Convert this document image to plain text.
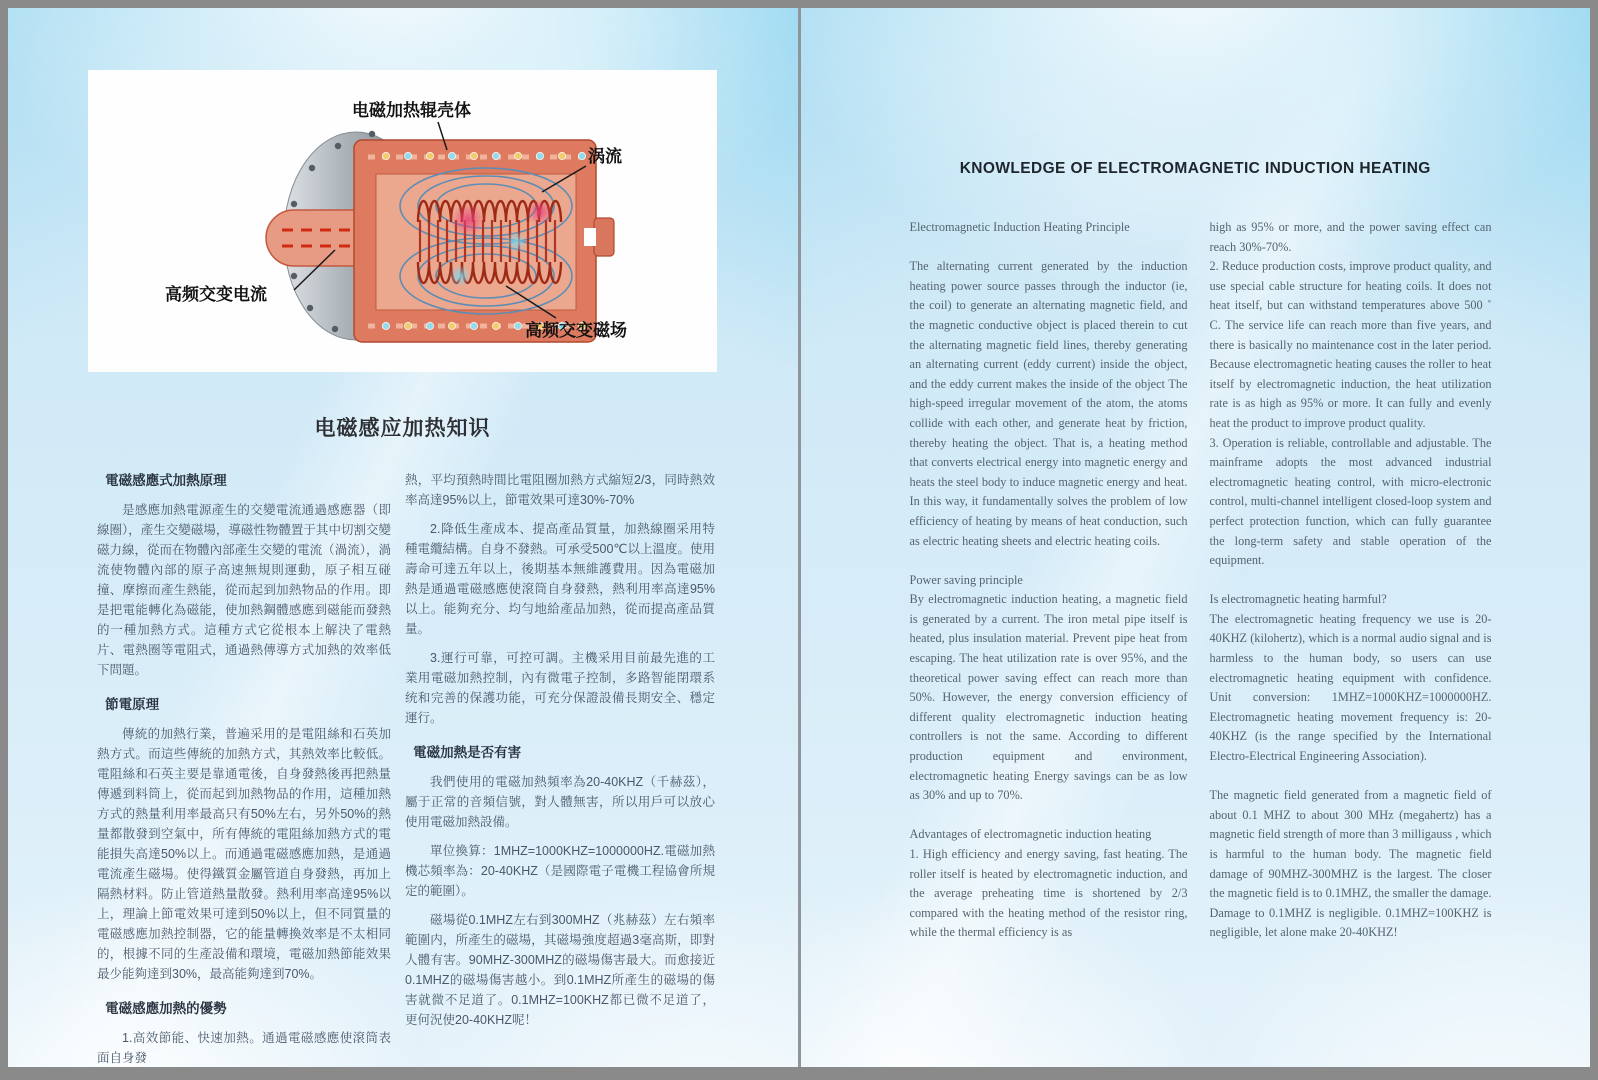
电磁加热辊壳体
涡流
高频交变电流
高频交变磁场
电磁感应加热知识
電磁感應式加熱原理
是感應加熱電源產生的交變電流通過感應器（即線圈），產生交變磁場，導磁性物體置于其中切割交變磁力線，從而在物體內部產生交變的電流（渦流），渦流使物體內部的原子高速無規則運動，原子相互碰撞、摩擦而產生熱能，從而起到加熱物品的作用。即是把電能轉化為磁能，使加熱鋼體感應到磁能而發熱的一種加熱方式。這種方式它從根本上解決了電熱片、電熱圈等電阻式，通過熱傳導方式加熱的效率低下問題。
節電原理
傳統的加熱行業，普遍采用的是電阻絲和石英加熱方式。而這些傳統的加熱方式，其熱效率比較低。電阻絲和石英主要是靠通電後，自身發熱後再把熱量傳遞到料筒上，從而起到加熱物品的作用，這種加熱方式的熱量利用率最高只有50%左右，另外50%的熱量都散發到空氣中，所有傳統的電阻絲加熱方式的電能損失高達50%以上。而通過電磁感應加熱，是通過電流產生磁場。使得鐵質金屬管道自身發熱，再加上隔熱材料。防止管道熱量散發。熱利用率高達95%以上，理論上節電效果可達到50%以上，但不同質量的電磁感應加熱控制器，它的能量轉換效率是不太相同的，根據不同的生產設備和環境，電磁加熱節能效果最少能夠達到30%，最高能夠達到70%。
電磁感應加熱的優勢
1.高效節能、快速加熱。通過電磁感應使滾筒表面自身發
熱，平均預熱時間比電阻圈加熱方式縮短2/3，同時熱效率高達95%以上，節電效果可達30%-70%
2.降低生產成本、提高產品質量，加熱線圈采用特種電纜結構。自身不發熱。可承受500℃以上溫度。使用壽命可達五年以上，後期基本無維護費用。因為電磁加熱是通過電磁感應使滾筒自身發熱，熱利用率高達95%以上。能夠充分、均勻地給產品加熱，從而提高產品質量。
3.運行可靠，可控可調。主機采用目前最先進的工業用電磁加熱控制，內有微電子控制，多路智能閉環系统和完善的保護功能，可充分保證設備長期安全、穩定運行。
電磁加熱是否有害
我們使用的電磁加熱頻率為20-40KHZ（千赫茲），屬于正常的音頻信號，對人體無害，所以用戶可以放心使用電磁加熱設備。
單位換算：1MHZ=1000KHZ=1000000HZ.電磁加熱機芯頻率為：20-40KHZ（是國際電子電機工程協會所規定的範圍）。
磁場從0.1MHZ左右到300MHZ（兆赫茲）左右頻率範圍内，所產生的磁場，其磁場強度超過3毫高斯，即對人體有害。90MHZ-300MHZ的磁場傷害最大。而愈接近0.1MHZ的磁場傷害越小。到0.1MHZ所產生的磁場的傷害就微不足道了。0.1MHZ=100KHZ都已微不足道了，更何況使20-40KHZ呢！
KNOWLEDGE OF ELECTROMAGNETIC INDUCTION HEATING
Electromagnetic Induction Heating Principle
The alternating current generated by the induction heating power source passes through the inductor (ie, the coil) to generate an alternating magnetic field, and the magnetic conductive object is placed therein to cut the alternating magnetic field lines, thereby generating an alternating current (eddy current) inside the object, and the eddy current makes the inside of the object The high-speed irregular movement of the atom, the atoms collide with each other, and generate heat by friction, thereby heating the object. That is, a heating method that converts electrical energy into magnetic energy and heats the steel body to induce magnetic energy and heat. In this way, it fundamentally solves the problem of low efficiency of heating by means of heat conduction, such as electric heating sheets and electric heating coils.
Power saving principle
By electromagnetic induction heating, a magnetic field is generated by a current. The iron metal pipe itself is heated, plus insulation material. Prevent pipe heat from escaping. The heat utilization rate is over 95%, and the theoretical power saving effect can reach more than 50%. However, the energy conversion efficiency of different quality electromagnetic induction heating controllers is not the same. According to different production equipment and environment, electromagnetic heating Energy savings can be as low as 30% and up to 70%.
Advantages of electromagnetic induction heating
1. High efficiency and energy saving, fast heating. The roller itself is heated by electromagnetic induction, and the average preheating time is shortened by 2/3 compared with the heating method of the resistor ring, while the thermal efficiency is as
high as 95% or more, and the power saving effect can reach 30%-70%.
2. Reduce production costs, improve product quality, and use special cable structure for heating coils. It does not heat itself, but can withstand temperatures above 500 ˚ C. The service life can reach more than five years, and there is basically no maintenance cost in the later period. Because electromagnetic heating causes the roller to heat itself by electromagnetic induction, the heat utilization rate is as high as 95% or more. It can fully and evenly heat the product to improve product quality.
3. Operation is reliable, controllable and adjustable. The mainframe adopts the most advanced industrial electromagnetic heating control, with micro-electronic control, multi-channel intelligent closed-loop system and perfect protection function, which can fully guarantee the long-term safety and stable operation of the equipment.
Is electromagnetic heating harmful?
The electromagnetic heating frequency we use is 20-40KHZ (kilohertz), which is a normal audio signal and is harmless to the human body, so users can use electromagnetic heating equipment with confidence. Unit conversion: 1MHZ=1000KHZ=1000000HZ. Electromagnetic heating movement frequency is: 20-40KHZ (is the range specified by the International Electro-Electrical Engineering Association).
The magnetic field generated from a magnetic field of about 0.1 MHZ to about 300 MHz (megahertz) has a magnetic field strength of more than 3 milligauss , which is harmful to the human body. The magnetic field damage of 90MHZ-300MHZ is the largest. The closer the magnetic field is to 0.1MHZ, the smaller the damage. Damage to 0.1MHZ is negligible. 0.1MHZ=100KHZ is negligible, let alone make 20-40KHZ!
